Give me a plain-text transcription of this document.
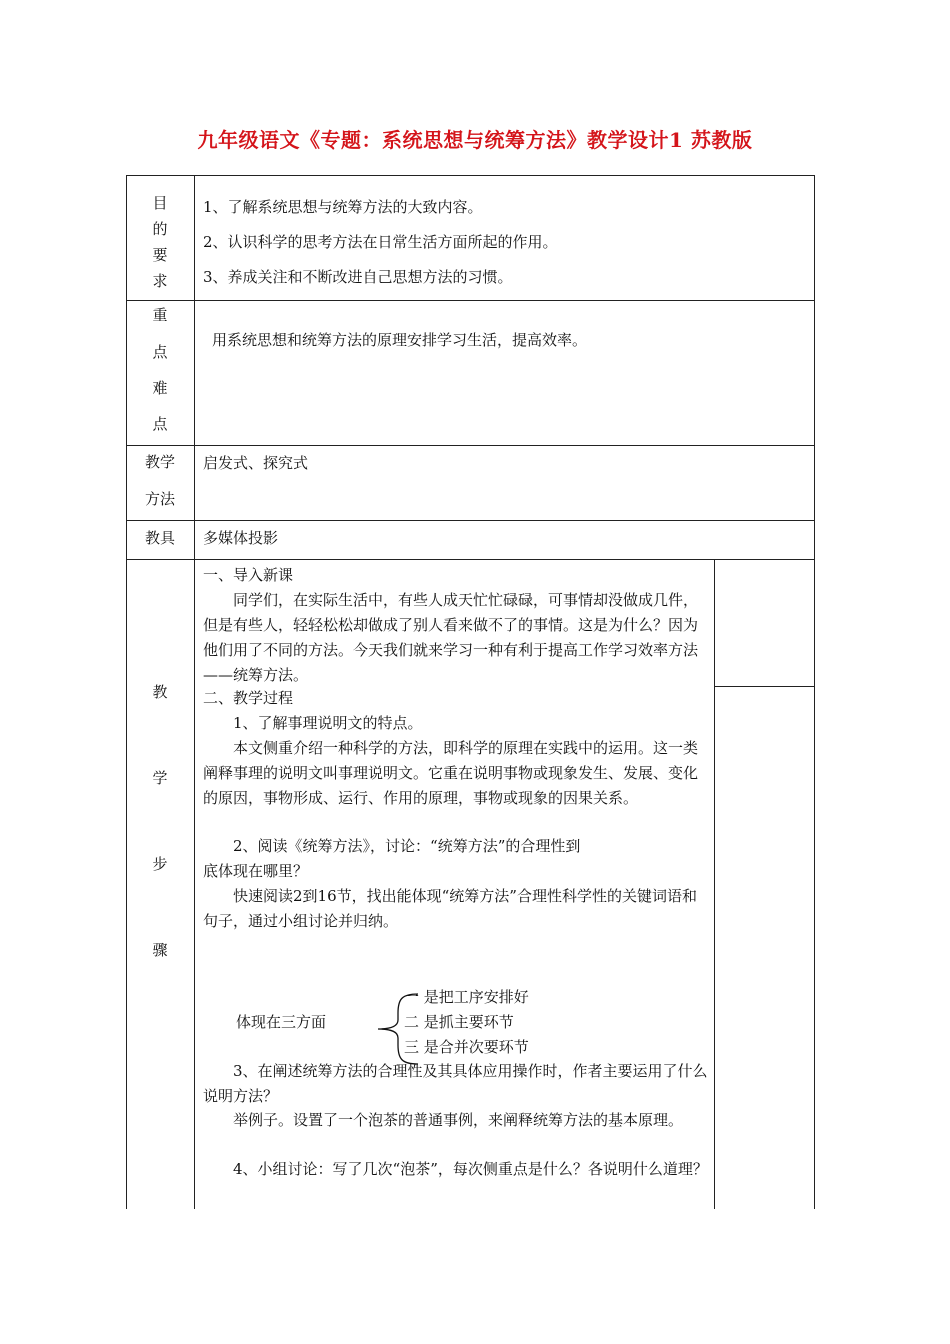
九年级语文《专题：系统思想与统筹方法》教学设计1 苏教版
目
的
要
求
1、了解系统思想与统筹方法的大致内容。
2、认识科学的思考方法在日常生活方面所起的作用。
3、养成关注和不断改进自己思想方法的习惯。
重
点
难
点
用系统思想和统筹方法的原理安排学习生活，提高效率。
教学
方法
启发式、探究式
教具	多媒体投影
教
学
步
骤

一、导入新课

同学们，在实际生活中，有些人成天忙忙碌碌，可事情却没做成几件，但是有些人，轻轻松松却做成了别人看来做不了的事情。这是为什么？因为他们用了不同的方法。今天我们就来学习一种有利于提高工作学习效率方法——统筹方法。

二、教学过程

1、了解事理说明文的特点。

本文侧重介绍一种科学的方法，即科学的原理在实践中的运用。这一类阐释事理的说明文叫事理说明文。它重在说明事物或现象发生、发展、变化的原因，事物形成、运行、作用的原理，事物或现象的因果关系。

2、阅读《统筹方法》，讨论：“统筹方法”的合理性到

底体现在哪里？

快速阅读2到16节，找出能体现“统筹方法”合理性科学性的关键词语和句子，通过小组讨论并归纳。

体现在三方面
一 是把工序安排好
二 是抓主要环节
三 是合并次要环节

3、在阐述统筹方法的合理性及其具体应用操作时，作者主要运用了什么说明方法？

举例子。设置了一个泡茶的普通事例，来阐释统筹方法的基本原理。

4、小组讨论：写了几次“泡茶”，每次侧重点是什么？各说明什么道理？
